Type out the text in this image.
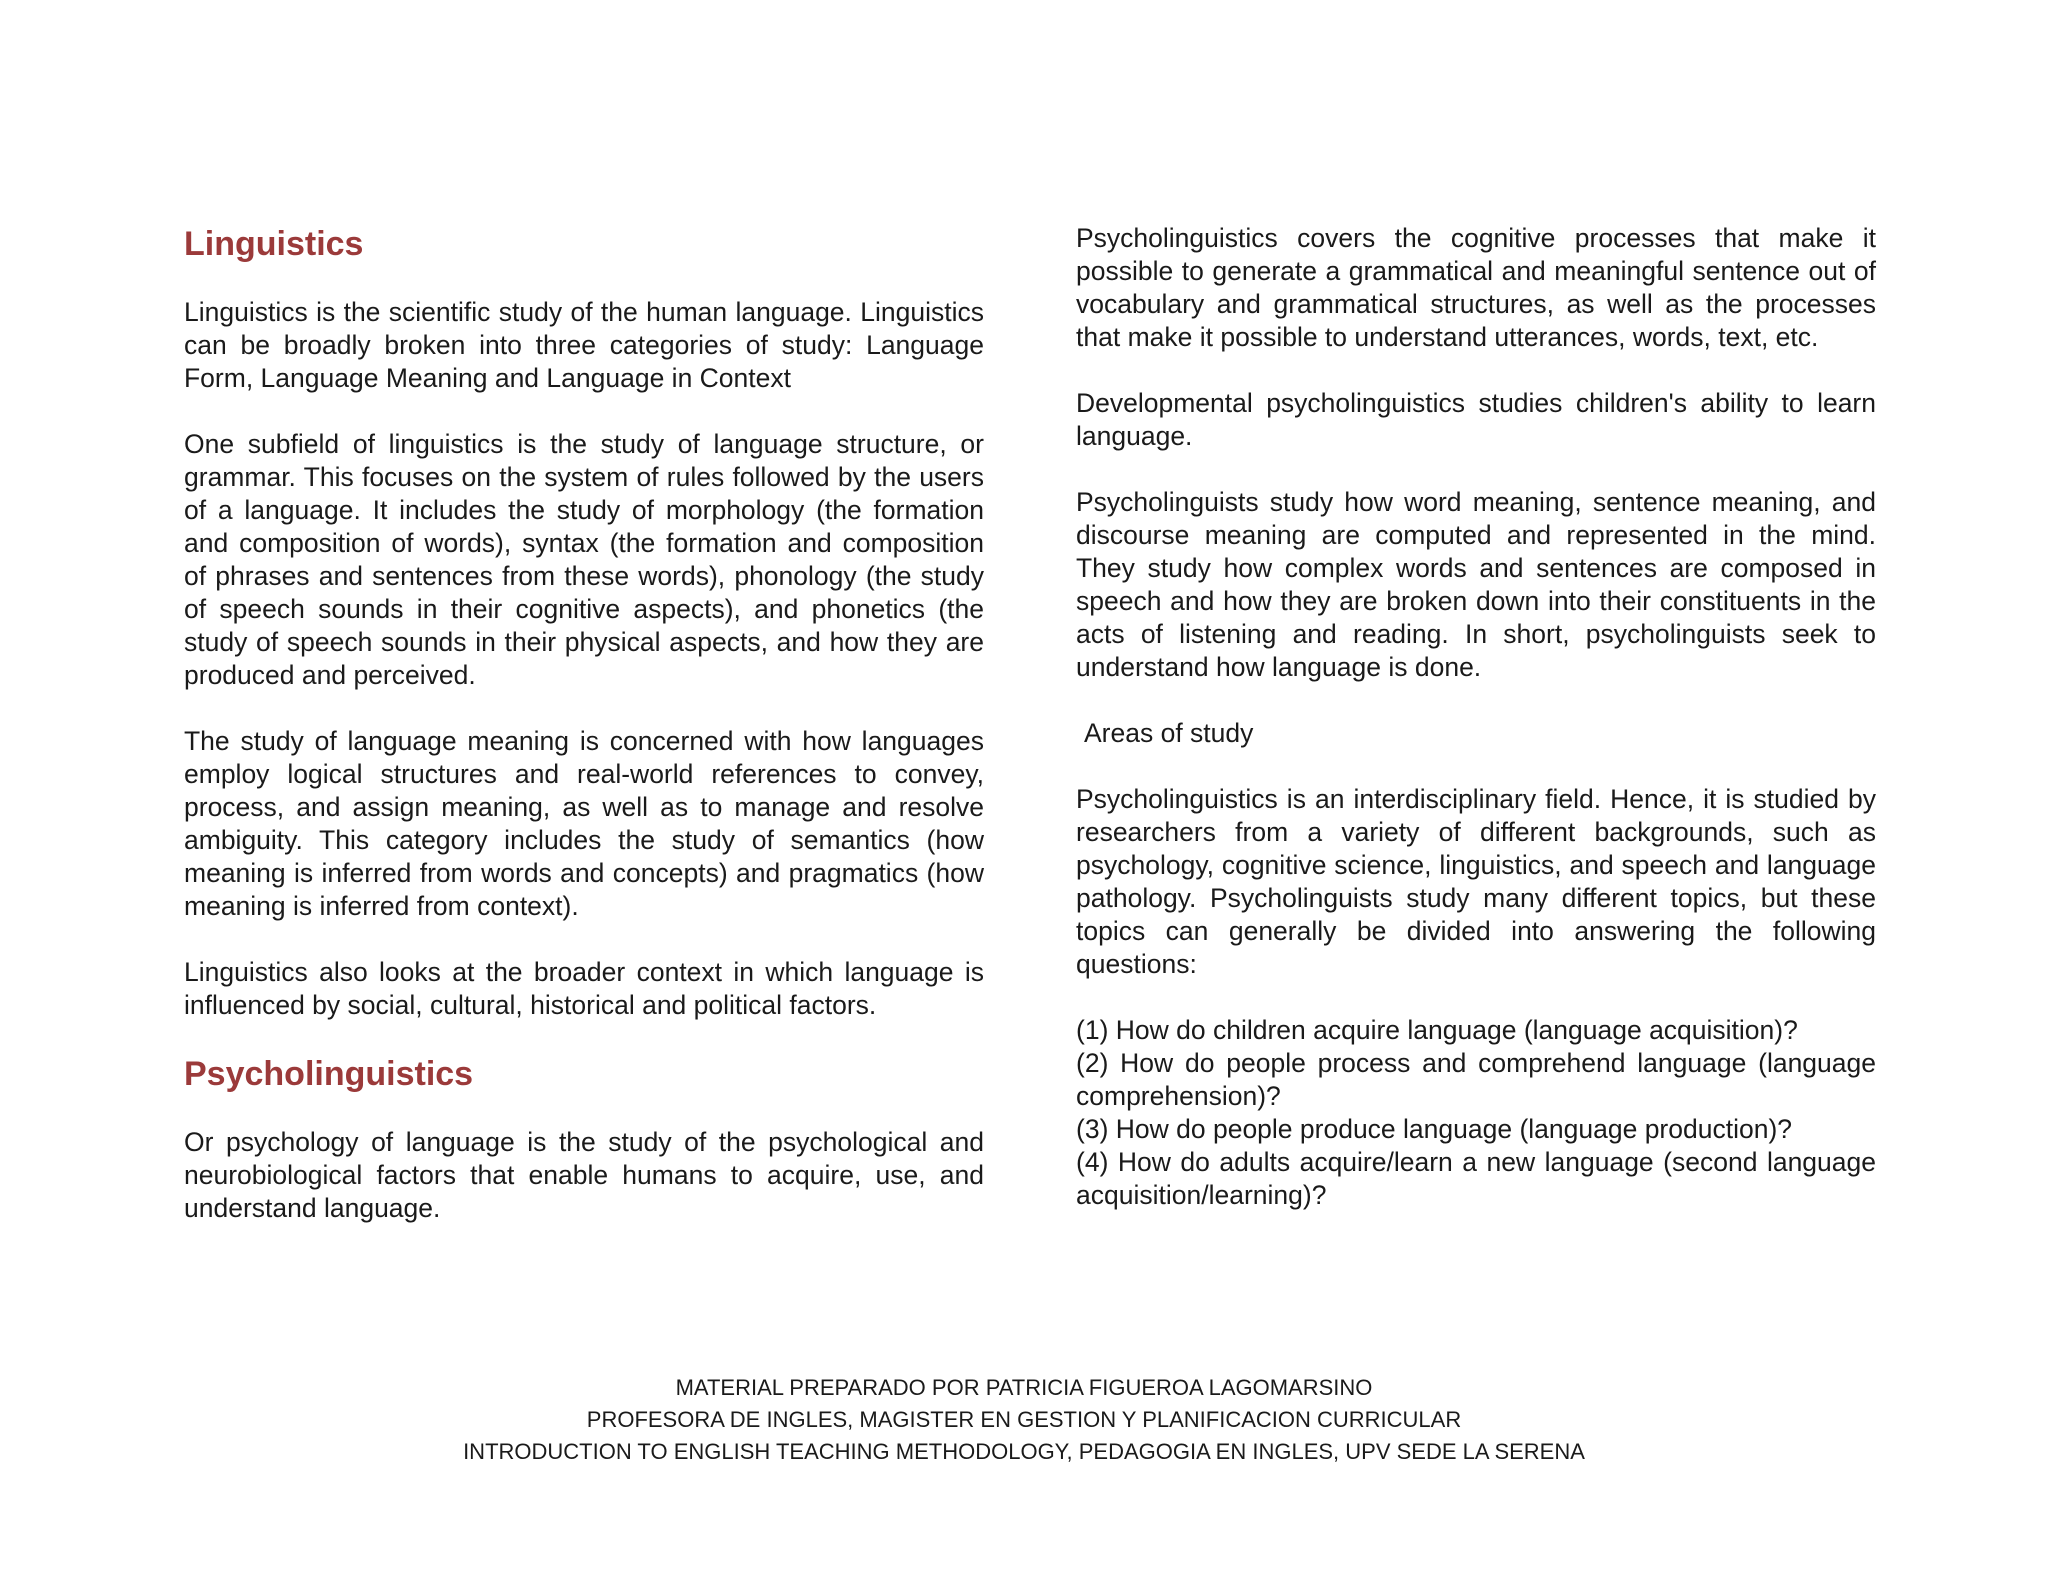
Linguistics

Linguistics is the scientific study of the human language. Linguistics can be broadly broken into three categories of study: Language Form, Language Meaning and Language in Context

One subfield of linguistics is the study of language structure, or grammar. This focuses on the system of rules followed by the users of a language. It includes the study of morphology (the formation and composition of words), syntax (the formation and composition of phrases and sentences from these words), phonology (the study of speech sounds in their cognitive aspects), and phonetics (the study of speech sounds in their physical aspects, and how they are produced and perceived.

The study of language meaning is concerned with how languages employ logical structures and real-world references to convey, process, and assign meaning, as well as to manage and resolve ambiguity. This category includes the study of semantics (how meaning is inferred from words and concepts) and pragmatics (how meaning is inferred from context).

Linguistics also looks at the broader context in which language is influenced by social, cultural, historical and political factors.

Psycholinguistics

Or psychology of language is the study of the psychological and neurobiological factors that enable humans to acquire, use, and understand language.

Psycholinguistics covers the cognitive processes that make it possible to generate a grammatical and meaningful sentence out of vocabulary and grammatical structures, as well as the processes that make it possible to understand utterances, words, text, etc.

Developmental psycholinguistics studies children's ability to learn language.

Psycholinguists study how word meaning, sentence meaning, and discourse meaning are computed and represented in the mind. They study how complex words and sentences are composed in speech and how they are broken down into their constituents in the acts of listening and reading. In short, psycholinguists seek to understand how language is done.

Areas of study

Psycholinguistics is an interdisciplinary field. Hence, it is studied by researchers from a variety of different backgrounds, such as psychology, cognitive science, linguistics, and speech and language pathology. Psycholinguists study many different topics, but these topics can generally be divided into answering the following questions:

(1) How do children acquire language (language acquisition)?
(2) How do people process and comprehend language (language comprehension)?
(3) How do people produce language (language production)?
(4) How do adults acquire/learn a new language (second language acquisition/learning)?
MATERIAL PREPARADO POR PATRICIA FIGUEROA LAGOMARSINO
PROFESORA DE INGLES, MAGISTER EN GESTION Y PLANIFICACION CURRICULAR
INTRODUCTION TO ENGLISH TEACHING METHODOLOGY, PEDAGOGIA EN INGLES, UPV SEDE LA SERENA
